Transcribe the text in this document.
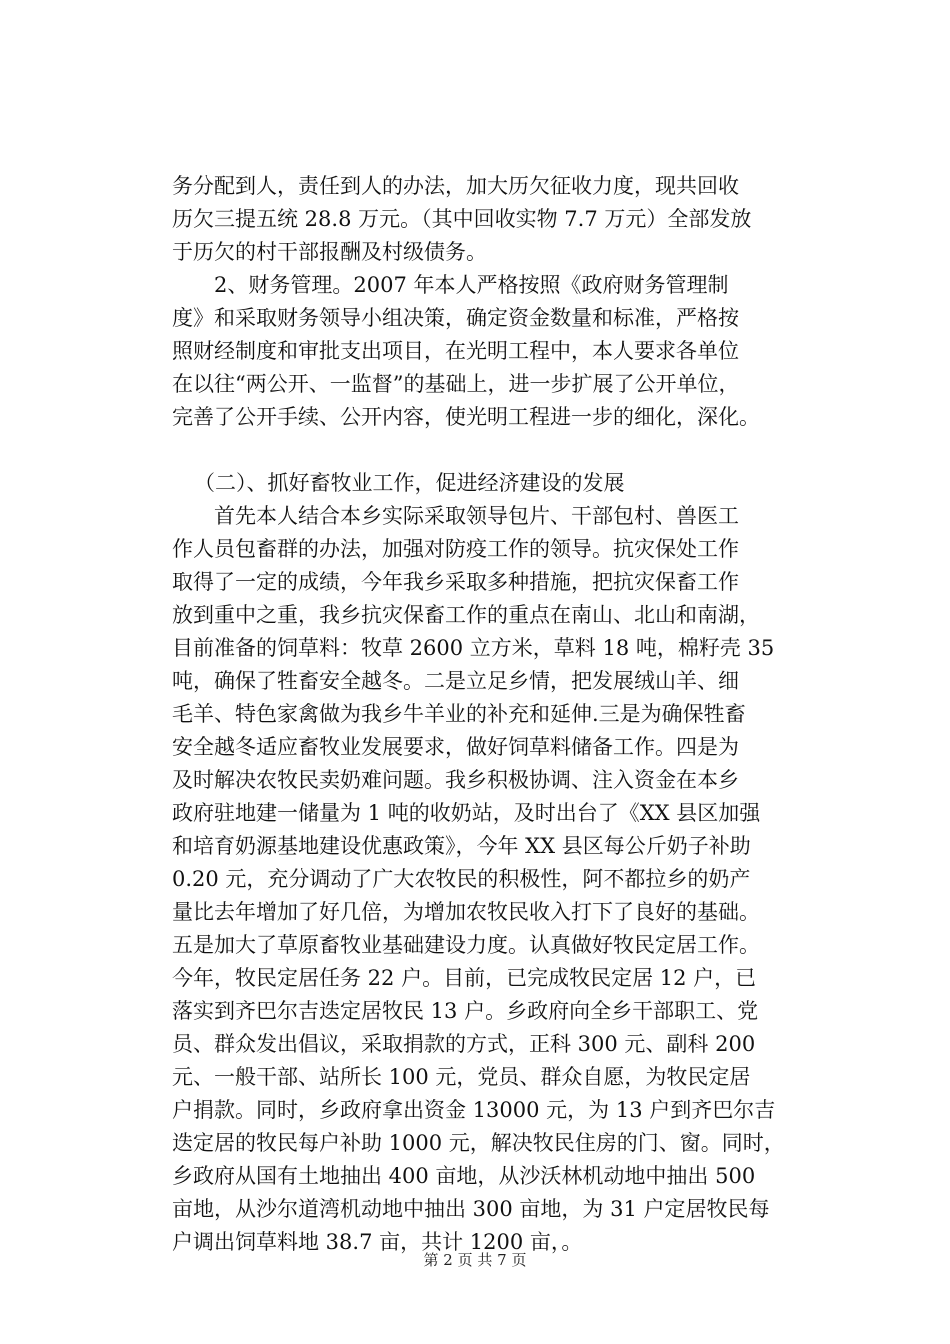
务分配到人，责任到人的办法，加大历欠征收力度，现共回收
历欠三提五统 28.8 万元。（其中回收实物 7.7 万元）全部发放
于历欠的村干部报酬及村级债务。
2、财务管理。2007 年本人严格按照《政府财务管理制
度》和采取财务领导小组决策，确定资金数量和标准，严格按
照财经制度和审批支出项目，在光明工程中，本人要求各单位
在以往“两公开、一监督”的基础上，进一步扩展了公开单位，
完善了公开手续、公开内容，使光明工程进一步的细化，深化。
（二）、抓好畜牧业工作，促进经济建设的发展
首先本人结合本乡实际采取领导包片、干部包村、兽医工
作人员包畜群的办法，加强对防疫工作的领导。抗灾保处工作
取得了一定的成绩，今年我乡采取多种措施，把抗灾保畜工作
放到重中之重，我乡抗灾保畜工作的重点在南山、北山和南湖，
目前准备的饲草料：牧草 2600 立方米，草料 18 吨，棉籽壳 35
吨，确保了牲畜安全越冬。二是立足乡情，把发展绒山羊、细
毛羊、特色家禽做为我乡牛羊业的补充和延伸.三是为确保牲畜
安全越冬适应畜牧业发展要求，做好饲草料储备工作。四是为
及时解决农牧民卖奶难问题。我乡积极协调、注入资金在本乡
政府驻地建一储量为 1 吨的收奶站，及时出台了《XX 县区加强
和培育奶源基地建设优惠政策》，今年 XX 县区每公斤奶子补助
0.20 元，充分调动了广大农牧民的积极性，阿不都拉乡的奶产
量比去年增加了好几倍，为增加农牧民收入打下了良好的基础。
五是加大了草原畜牧业基础建设力度。认真做好牧民定居工作。
今年，牧民定居任务 22 户。目前，已完成牧民定居 12 户，已
落实到齐巴尔吉迭定居牧民 13 户。乡政府向全乡干部职工、党
员、群众发出倡议，采取捐款的方式，正科 300 元、副科 200
元、一般干部、站所长 100 元，党员、群众自愿，为牧民定居
户捐款。同时，乡政府拿出资金 13000 元，为 13 户到齐巴尔吉
迭定居的牧民每户补助 1000 元，解决牧民住房的门、窗。同时，
乡政府从国有土地抽出 400 亩地，从沙沃林机动地中抽出 500
亩地，从沙尔道湾机动地中抽出 300 亩地，为 31 户定居牧民每
户调出饲草料地 38.7 亩，共计 1200 亩，。
第 2 页 共 7 页
